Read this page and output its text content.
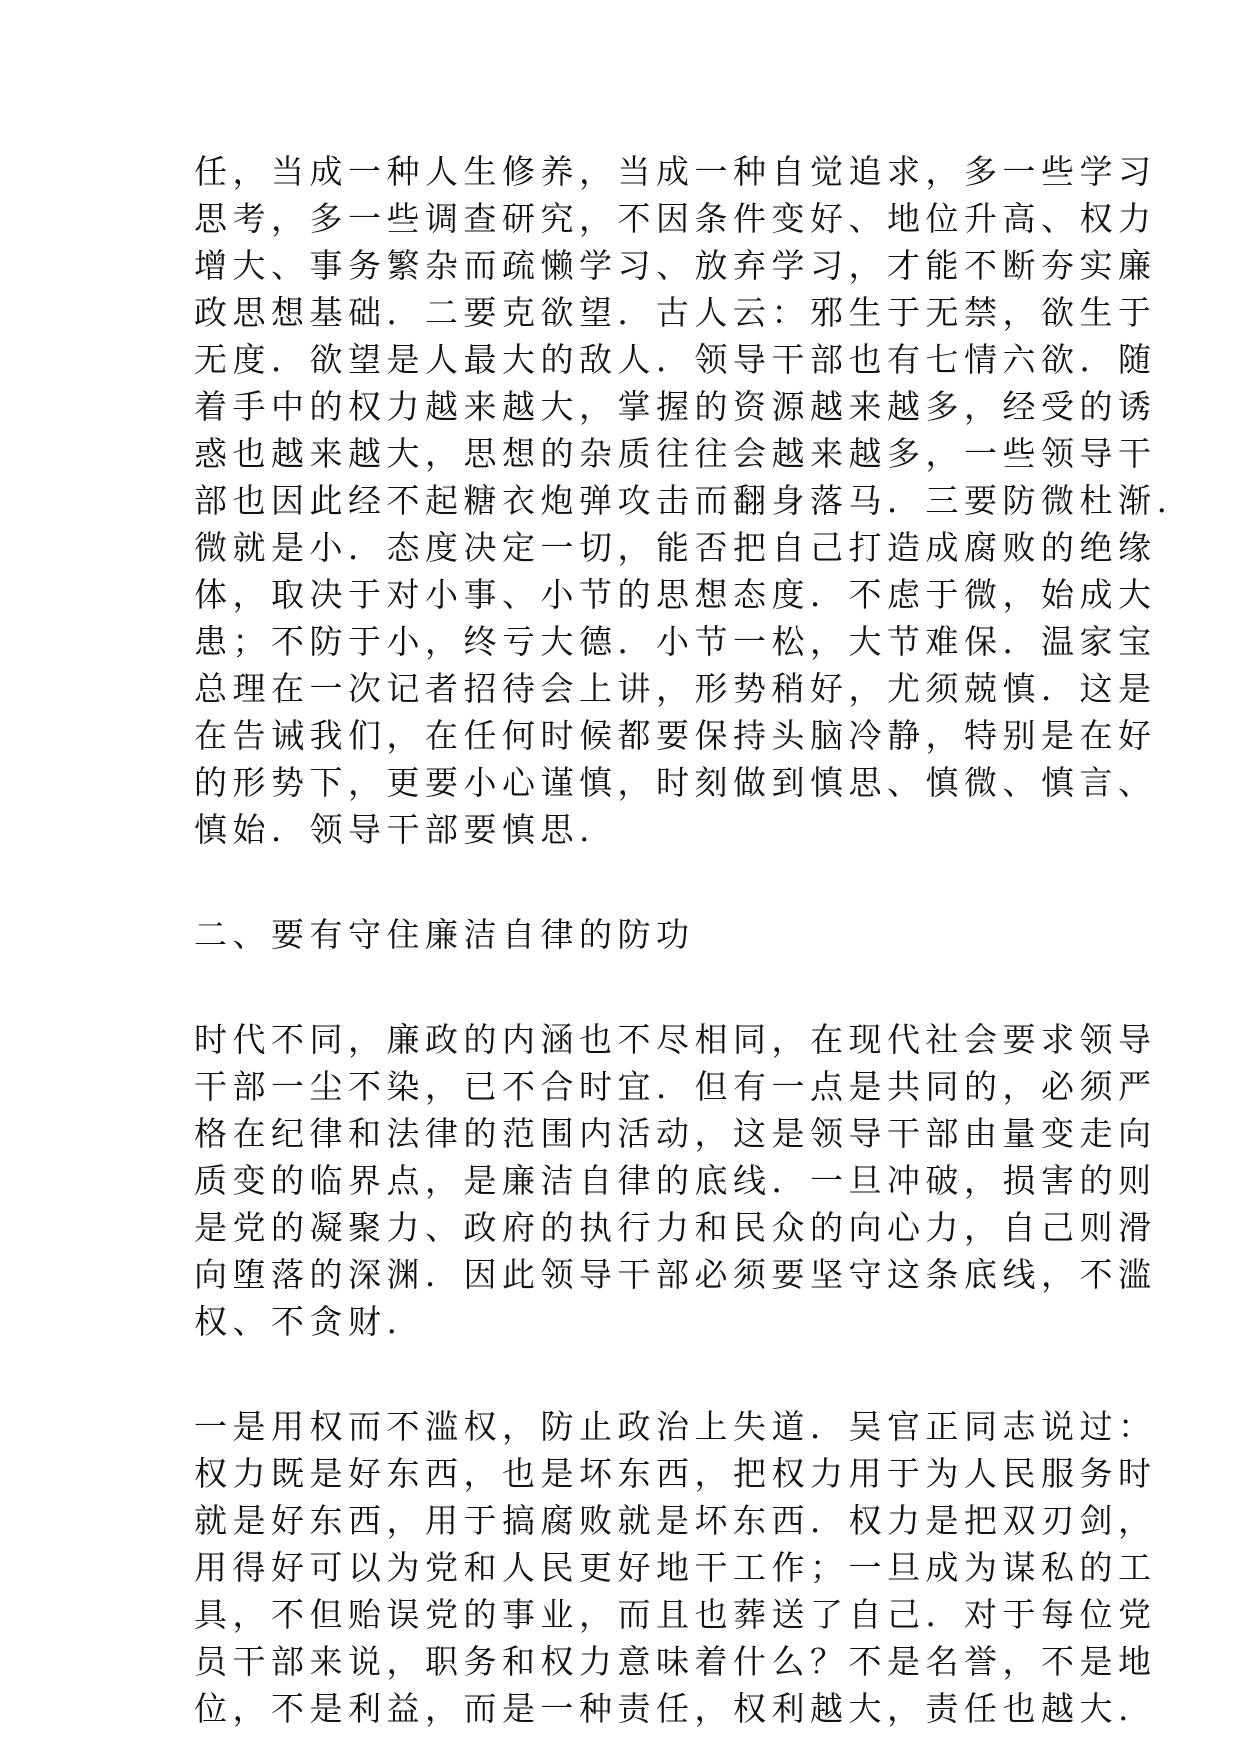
任，当成一种人生修养，当成一种自觉追求，多一些学习
思考，多一些调查研究，不因条件变好、地位升高、权力
增大、事务繁杂而疏懒学习、放弃学习，才能不断夯实廉
政思想基础．二要克欲望．古人云：邪生于无禁，欲生于
无度．欲望是人最大的敌人．领导干部也有七情六欲．随
着手中的权力越来越大，掌握的资源越来越多，经受的诱
惑也越来越大，思想的杂质往往会越来越多，一些领导干
部也因此经不起糖衣炮弹攻击而翻身落马．三要防微杜渐.
微就是小．态度决定一切，能否把自己打造成腐败的绝缘
体，取决于对小事、小节的思想态度．不虑于微，始成大
患；不防于小，终亏大德．小节一松，大节难保．温家宝
总理在一次记者招待会上讲，形势稍好，尤须兢慎．这是
在告诫我们，在任何时候都要保持头脑冷静，特别是在好
的形势下，更要小心谨慎，时刻做到慎思、慎微、慎言、
慎始．领导干部要慎思.
二、要有守住廉洁自律的防功
时代不同，廉政的内涵也不尽相同，在现代社会要求领导
干部一尘不染，已不合时宜．但有一点是共同的，必须严
格在纪律和法律的范围内活动，这是领导干部由量变走向
质变的临界点，是廉洁自律的底线．一旦冲破，损害的则
是党的凝聚力、政府的执行力和民众的向心力，自己则滑
向堕落的深渊．因此领导干部必须要坚守这条底线，不滥
权、不贪财.
一是用权而不滥权，防止政治上失道．吴官正同志说过：
权力既是好东西，也是坏东西，把权力用于为人民服务时
就是好东西，用于搞腐败就是坏东西．权力是把双刃剑，
用得好可以为党和人民更好地干工作；一旦成为谋私的工
具，不但贻误党的事业，而且也葬送了自己．对于每位党
员干部来说，职务和权力意味着什么？不是名誉，不是地
位，不是利益，而是一种责任，权利越大，责任也越大.
